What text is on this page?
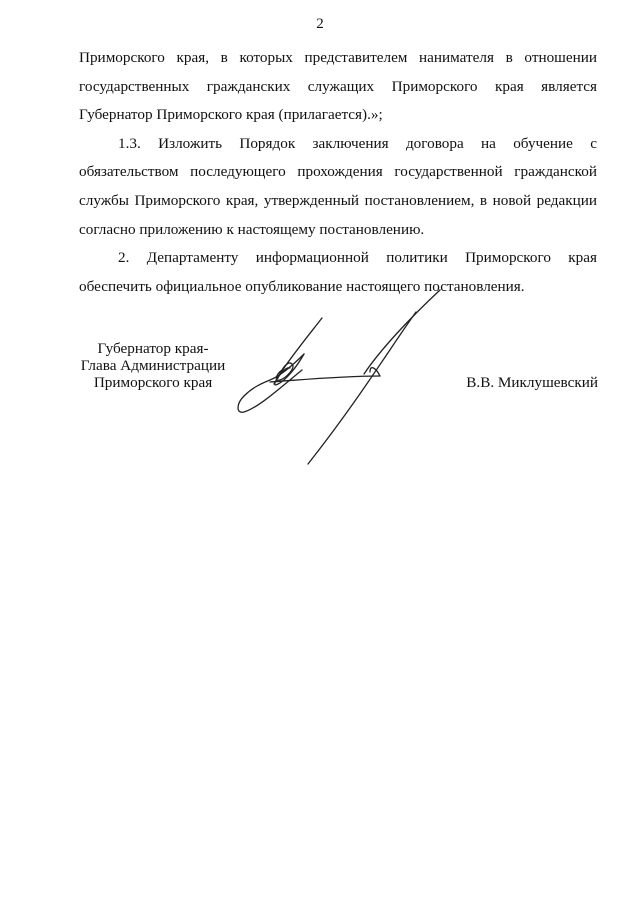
2

Приморского края, в которых представителем нанимателя в отношении государственных гражданских служащих Приморского края является Губернатор Приморского края (прилагается).»;

1.3. Изложить Порядок заключения договора на обучение с обязательством последующего прохождения государственной гражданской службы Приморского края, утвержденный постановлением, в новой редакции согласно приложению к настоящему постановлению.

2. Департаменту информационной политики Приморского края обеспечить официальное опубликование настоящего постановления.

Губернатор края-
Глава Администрации
Приморского края	В.В. Миклушевский
